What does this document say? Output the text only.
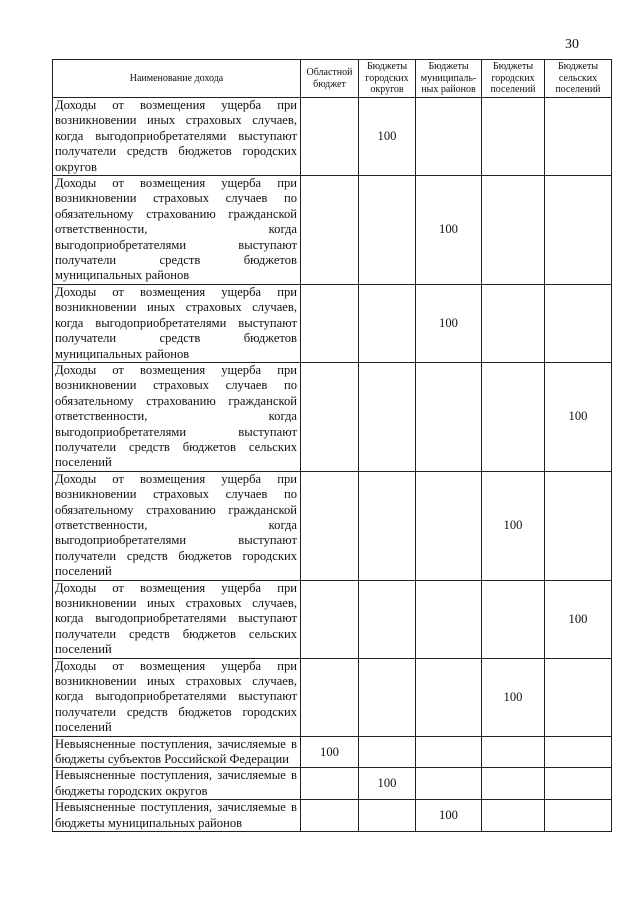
30
Наименование дохода	Областной бюджет	Бюджеты городских округов	Бюджеты муниципаль-ных районов	Бюджеты городских поселений	Бюджеты сельских поселений
Доходы от возмещения ущерба при возникновении иных страховых случаев, когда выгодоприобретателями выступают получатели средств бюджетов городских округов		100			
Доходы от возмещения ущерба при возникновении страховых случаев по обязательному страхованию гражданской ответственности, когда выгодоприобретателями выступают получатели средств бюджетов муниципальных районов			100		
Доходы от возмещения ущерба при возникновении иных страховых случаев, когда выгодоприобретателями выступают получатели средств бюджетов муниципальных районов			100		
Доходы от возмещения ущерба при возникновении страховых случаев по обязательному страхованию гражданской ответственности, когда выгодоприобретателями выступают получатели средств бюджетов сельских поселений					100
Доходы от возмещения ущерба при возникновении страховых случаев по обязательному страхованию гражданской ответственности, когда выгодоприобретателями выступают получатели средств бюджетов городских поселений				100	
Доходы от возмещения ущерба при возникновении иных страховых случаев, когда выгодоприобретателями выступают получатели средств бюджетов сельских поселений					100
Доходы от возмещения ущерба при возникновении иных страховых случаев, когда выгодоприобретателями выступают получатели средств бюджетов городских поселений				100	
Невыясненные поступления, зачисляемые в бюджеты субъектов Российской Федерации	100				
Невыясненные поступления, зачисляемые в бюджеты городских округов		100			
Невыясненные поступления, зачисляемые в бюджеты муниципальных районов			100		
